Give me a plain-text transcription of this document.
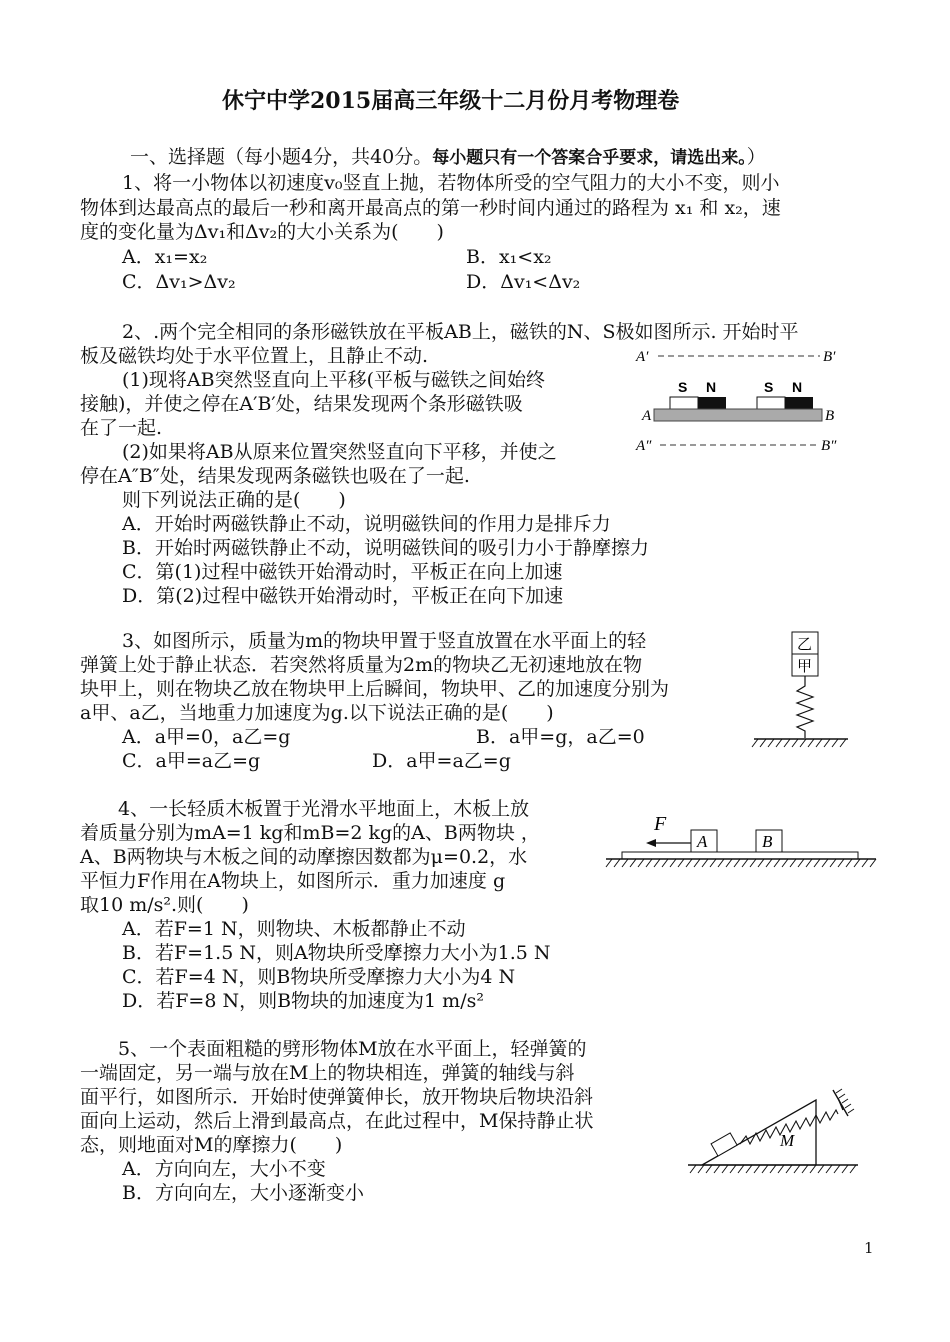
休宁中学2015届高三年级十二月份月考物理卷
一、选择题（每小题4分，共40分。每小题只有一个答案合乎要求，请选出来。）
1、将一小物体以初速度v₀竖直上抛，若物体所受的空气阻力的大小不变，则小
物体到达最高点的最后一秒和离开最高点的第一秒时间内通过的路程为 x₁ 和 x₂，速
度的变化量为Δv₁和Δv₂的大小关系为(　　)
A．x₁=x₂	B．x₁<x₂
C．Δv₁>Δv₂	D．Δv₁<Δv₂
2、.两个完全相同的条形磁铁放在平板AB上，磁铁的N、S极如图所示. 开始时平
板及磁铁均处于水平位置上，且静止不动.
(1)现将AB突然竖直向上平移(平板与磁铁之间始终
接触)，并使之停在A′B′处，结果发现两个条形磁铁吸
在了一起.
(2)如果将AB从原来位置突然竖直向下平移，并使之
停在A″B″处，结果发现两条磁铁也吸在了一起.
则下列说法正确的是(　　)
A．开始时两磁铁静止不动，说明磁铁间的作用力是排斥力
B．开始时两磁铁静止不动，说明磁铁间的吸引力小于静摩擦力
C．第(1)过程中磁铁开始滑动时，平板正在向上加速
D．第(2)过程中磁铁开始滑动时，平板正在向下加速
A′	B′
S N	S N
A	B
A″	B″
3、如图所示，质量为m的物块甲置于竖直放置在水平面上的轻
弹簧上处于静止状态．若突然将质量为2m的物块乙无初速地放在物
块甲上，则在物块乙放在物块甲上后瞬间，物块甲、乙的加速度分别为
a甲、a乙，当地重力加速度为g.以下说法正确的是(　　)
A．a甲=0，a乙=g	B．a甲=g，a乙=0
C．a甲=a乙=g	D．a甲=a乙=g
乙
甲
4、一长轻质木板置于光滑水平地面上，木板上放
着质量分别为mA=1 kg和mB=2 kg的A、B两物块 ，
A、B两物块与木板之间的动摩擦因数都为μ=0.2，水
平恒力F作用在A物块上，如图所示．重力加速度 g
取10 m/s².则(　　)
A．若F=1 N，则物块、木板都静止不动
B．若F=1.5 N，则A物块所受摩擦力大小为1.5 N
C．若F=4 N，则B物块所受摩擦力大小为4 N
D．若F=8 N，则B物块的加速度为1 m/s²
F
A	B
5、一个表面粗糙的劈形物体M放在水平面上，轻弹簧的
一端固定，另一端与放在M上的物块相连，弹簧的轴线与斜
面平行，如图所示．开始时使弹簧伸长，放开物块后物块沿斜
面向上运动，然后上滑到最高点，在此过程中，M保持静止状
态，则地面对M的摩擦力(　　)
A．方向向左，大小不变
B．方向向左，大小逐渐变小
M
1
